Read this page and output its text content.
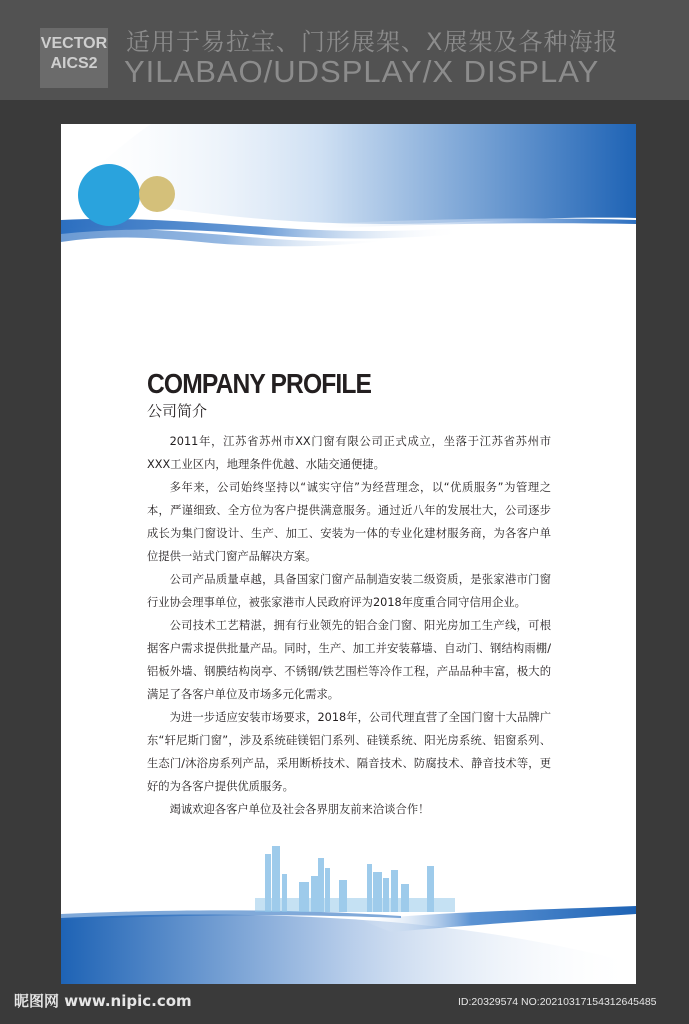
VECTOR
AICS2
适用于易拉宝、门形展架、X展架及各种海报
YILABAO/UDSPLAY/X DISPLAY
LOGO PACK
COMPANY PROFILE
公司简介

2011年，江苏省苏州市XX门窗有限公司正式成立，坐落于江苏省苏州市XXX工业区内，地理条件优越、水陆交通便捷。

多年来，公司始终坚持以“诚实守信”为经营理念，以“优质服务”为管理之本，严谨细致、全方位为客户提供满意服务。通过近八年的发展壮大，公司逐步成长为集门窗设计、生产、加工、安装为一体的专业化建材服务商，为各客户单位提供一站式门窗产品解决方案。

公司产品质量卓越，具备国家门窗产品制造安装二级资质，是张家港市门窗行业协会理事单位，被张家港市人民政府评为2018年度重合同守信用企业。

公司技术工艺精湛，拥有行业领先的铝合金门窗、阳光房加工生产线，可根据客户需求提供批量产品。同时，生产、加工并安装幕墙、自动门、钢结构雨棚/铝板外墙、钢膜结构岗亭、不锈钢/铁艺围栏等冷作工程，产品品种丰富，极大的满足了各客户单位及市场多元化需求。

为进一步适应安装市场要求，2018年，公司代理直营了全国门窗十大品牌广东“轩尼斯门窗”，涉及系统硅镁铝门系列、硅镁系统、阳光房系统、铝窗系列、生态门/沐浴房系列产品，采用断桥技术、隔音技术、防腐技术、静音技术等，更好的为各客户提供优质服务。

竭诚欢迎各客户单位及社会各界朋友前来洽谈合作！

昵图网 www.nipic.com	ID:20329574 NO:20210317154312645485
